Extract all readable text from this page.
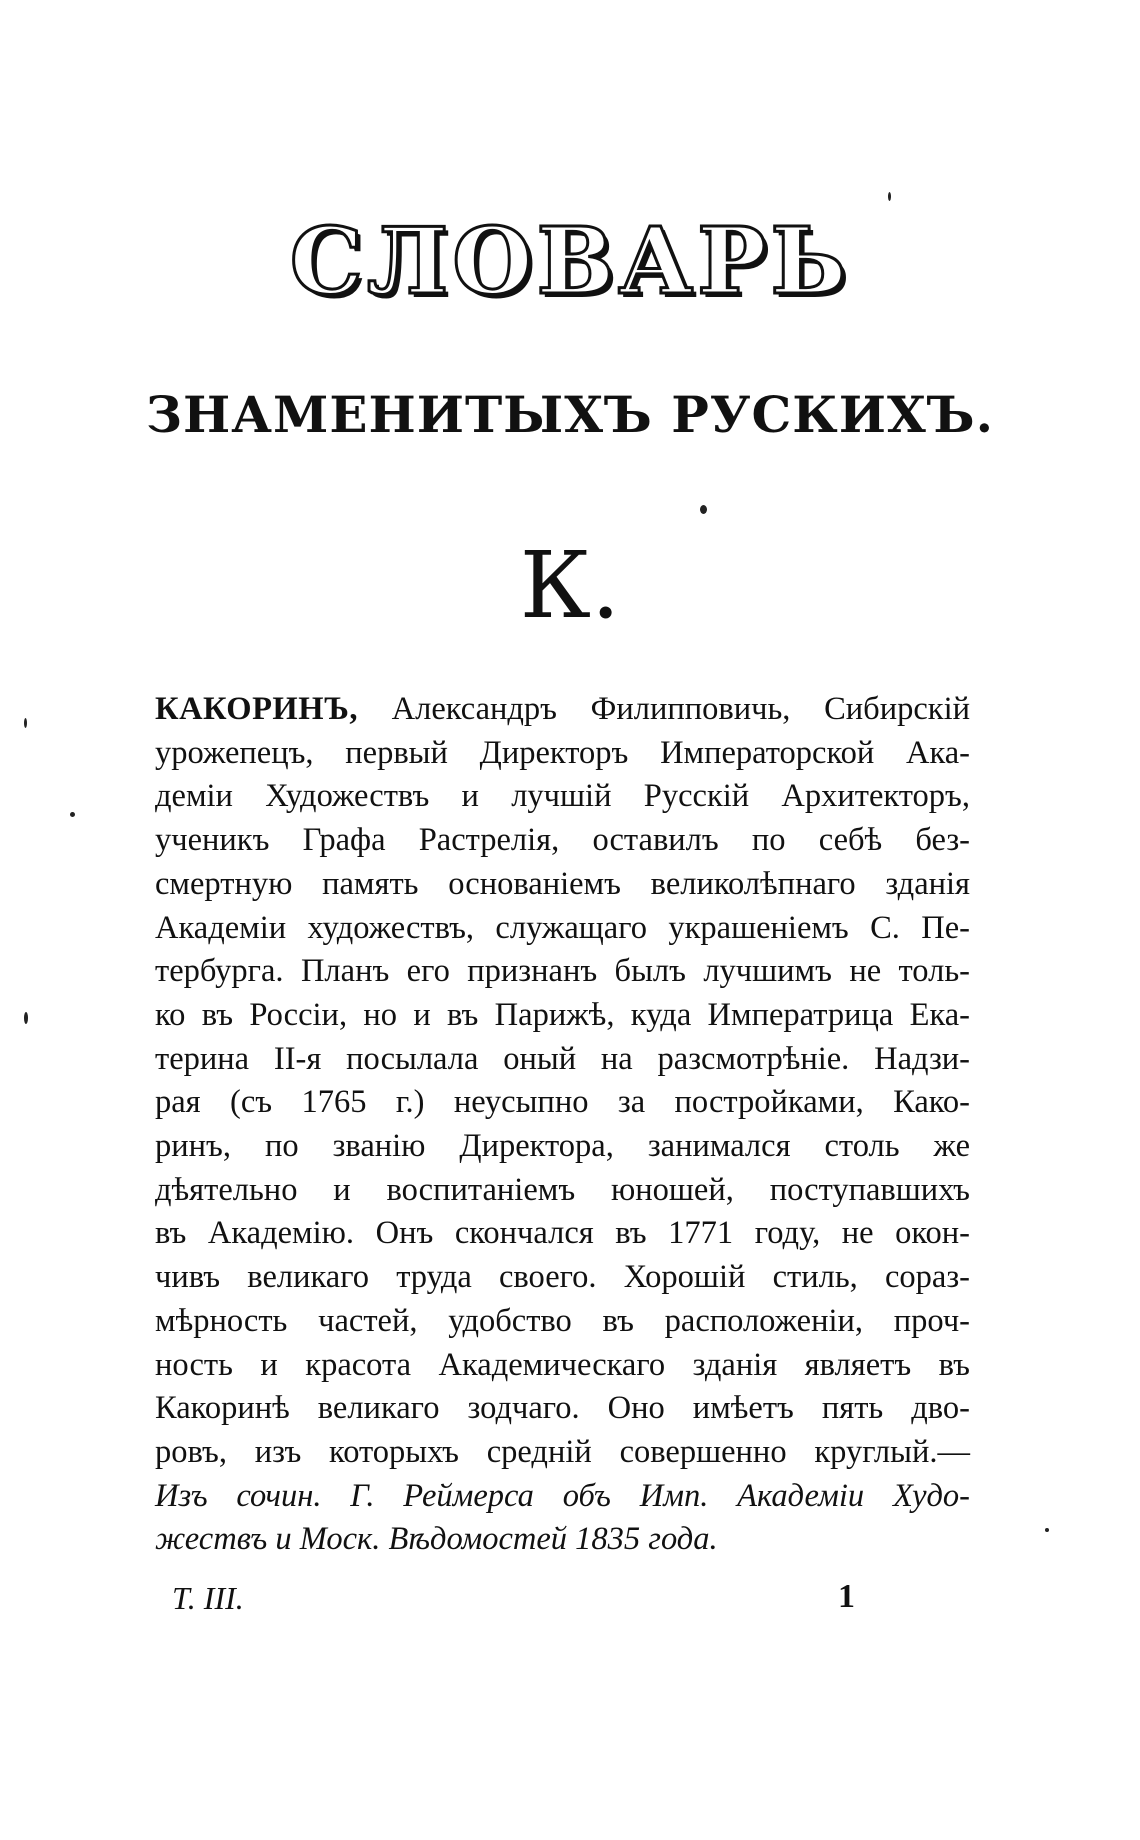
СЛОВАРЬ
ЗНАМЕНИТЫХЪ РУСКИХЪ.
К.
КАКОРИНЪ, Александръ Филипповичь, Сибирскій
урожепецъ, первый Директоръ Императорской Ака-
деміи Художествъ и лучшій Русскій Архитекторъ,
ученикъ Графа Растрелія, оставилъ по себѣ без-
смертную память основаніемъ великолѣпнаго зданія
Академіи художествъ, служащаго украшеніемъ С. Пе-
тербурга. Планъ его признанъ былъ лучшимъ не толь-
ко въ Россіи, но и въ Парижѣ, куда Императрица Ека-
терина II-я посылала оный на разсмотрѣніе. Надзи-
рая (съ 1765 г.) неусыпно за постройками, Како-
ринъ, по званію Директора, занимался столь же
дѣятельно и воспитаніемъ юношей, поступавшихъ
въ Академію. Онъ скончался въ 1771 году, не окон-
чивъ великаго труда своего. Хорошій стиль, сораз-
мѣрность частей, удобство въ расположеніи, проч-
ность и красота Академическаго зданія являетъ въ
Какоринѣ великаго зодчаго. Оно имѣетъ пять дво-
ровъ, изъ которыхъ средній совершенно круглый.—
Изъ сочин. Г. Реймерса объ Имп. Академіи Худо-
жествъ и Моск. Вѣдомостей 1835 года.
Т. III.	1
